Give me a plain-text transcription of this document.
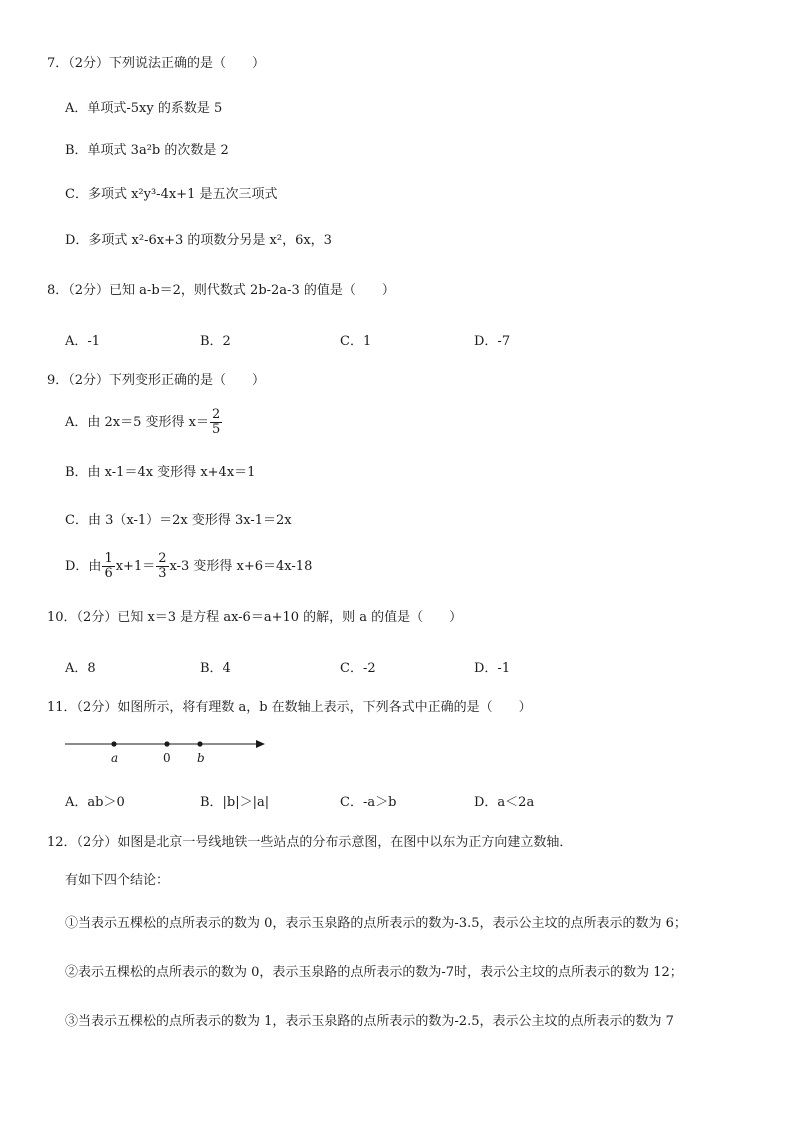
7．（2分）下列说法正确的是（　　）
A．单项式-5xy 的系数是 5
B．单项式 3a²b 的次数是 2
C．多项式 x²y³-4x+1 是五次三项式
D．多项式 x²-6x+3 的项数分另是 x²，6x，3
8．（2分）已知 a-b＝2，则代数式 2b-2a-3 的值是（　　）
A．-1	B．2	C．1	D．-7
9．（2分）下列变形正确的是（　　）
A．由 2x＝5 变形得 $x= \frac{2}{5}$
B．由 x-1＝4x 变形得 x+4x＝1
C．由 3（x-1）＝2x 变形得 3x-1＝2x
D．由 $\frac{1}{6} x+1= \frac{2}{3} x-3$ 变形得 x+6＝4x-18
10．（2分）已知 x＝3 是方程 ax-6＝a+10 的解，则 a 的值是（　　）
A．8	B．4	C．-2	D．-1
11．（2分）如图所示，将有理数 a，b 在数轴上表示，下列各式中正确的是（　　）
a	0 b
A．ab＞0	B．|b|＞|a|	C．-a＞b	D．a＜2a
12．（2分）如图是北京一号线地铁一些站点的分布示意图，在图中以东为正方向建立数轴．
有如下四个结论：
①当表示五棵松的点所表示的数为 0，表示玉泉路的点所表示的数为-3.5，表示公主坟的点所表示的数为 6；
②表示五棵松的点所表示的数为 0，表示玉泉路的点所表示的数为-7时，表示公主坟的点所表示的数为 12；
③当表示五棵松的点所表示的数为 1，表示玉泉路的点所表示的数为-2.5，表示公主坟的点所表示的数为 7
